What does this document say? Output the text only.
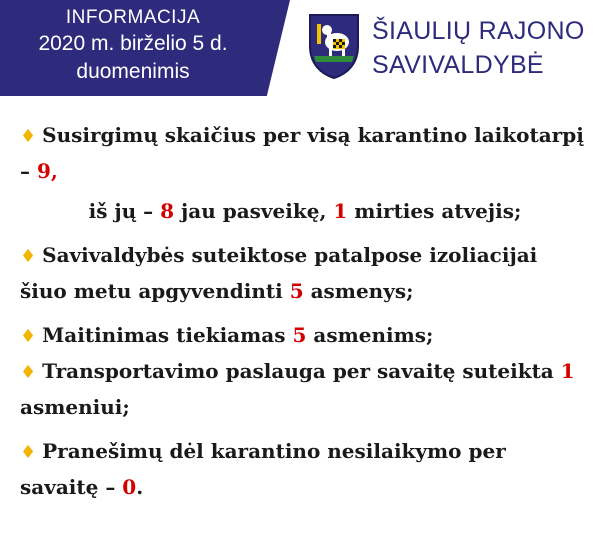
INFORMACIJA
2020 m. birželio 5 d.
duomenimis
ŠIAULIŲ RAJONO
SAVIVALDYBĖ

♦ Susirgimų skaičius per visą karantino laikotarpį – 9,

iš jų – 8 jau pasveikę, 1 mirties atvejis;

♦ Savivaldybės suteiktose patalpose izoliacijai šiuo metu apgyvendinti 5 asmenys;

♦ Maitinimas tiekiamas 5 asmenims;

♦ Transportavimo paslauga per savaitę suteikta 1 asmeniui;

♦ Pranešimų dėl karantino nesilaikymo per savaitę – 0.
